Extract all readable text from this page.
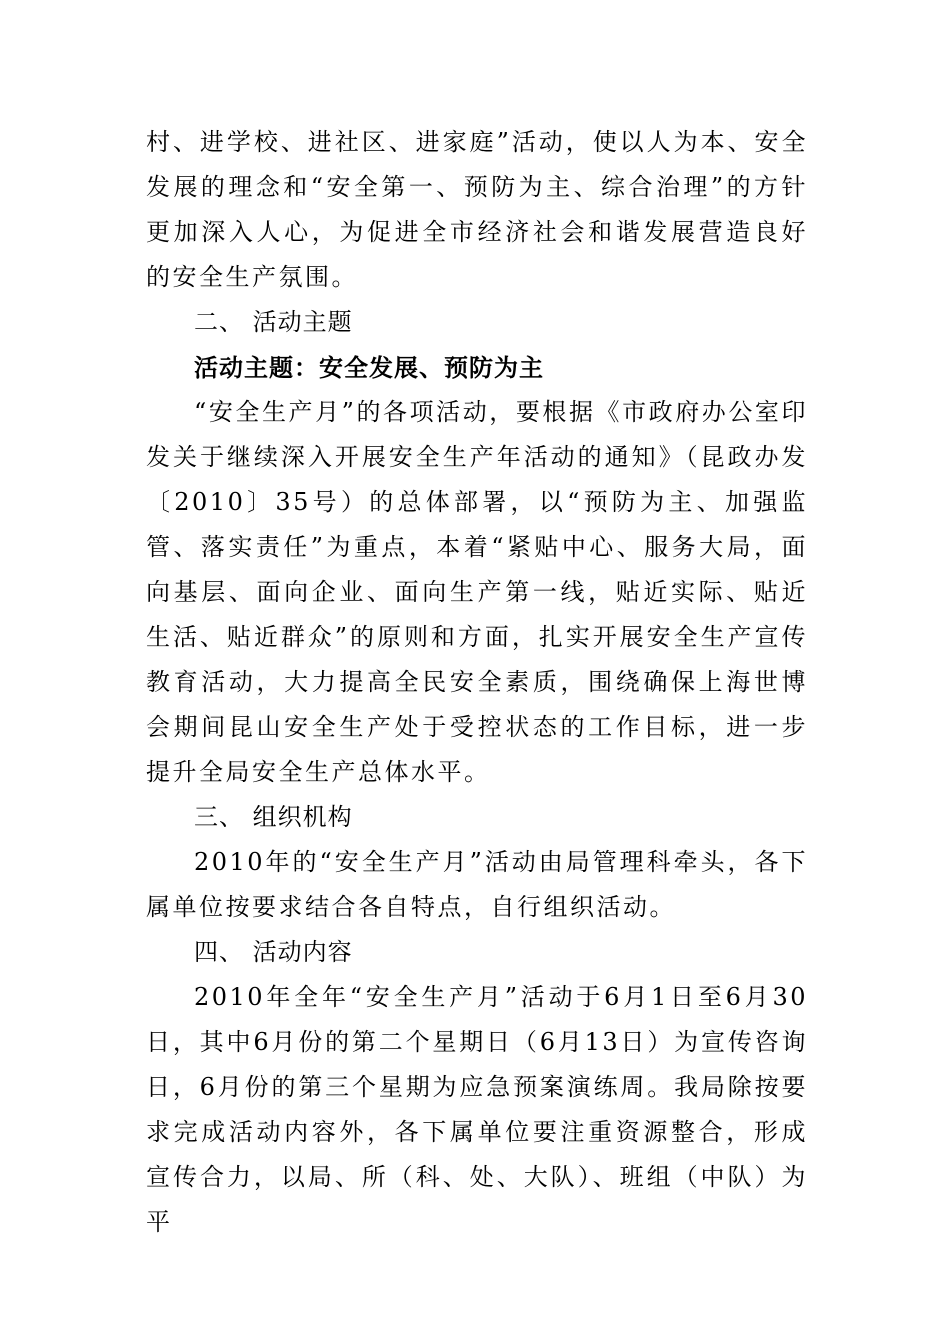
村、进学校、进社区、进家庭”活动，使以人为本、安全发展的理念和“安全第一、预防为主、综合治理”的方针更加深入人心，为促进全市经济社会和谐发展营造良好的安全生产氛围。

二、 活动主题

活动主题：安全发展、预防为主

“安全生产月”的各项活动，要根据《市政府办公室印发关于继续深入开展安全生产年活动的通知》（昆政办发〔2010〕35号）的总体部署，以“预防为主、加强监管、落实责任”为重点，本着“紧贴中心、服务大局，面向基层、面向企业、面向生产第一线，贴近实际、贴近生活、贴近群众”的原则和方面，扎实开展安全生产宣传教育活动，大力提高全民安全素质，围绕确保上海世博会期间昆山安全生产处于受控状态的工作目标，进一步提升全局安全生产总体水平。

三、 组织机构

2010年的“安全生产月”活动由局管理科牵头，各下属单位按要求结合各自特点，自行组织活动。

四、 活动内容

2010年全年“安全生产月”活动于6月1日至6月30日，其中6月份的第二个星期日（6月13日）为宣传咨询日，6月份的第三个星期为应急预案演练周。我局除按要求完成活动内容外，各下属单位要注重资源整合，形成宣传合力，以局、所（科、处、大队）、班组（中队）为平
